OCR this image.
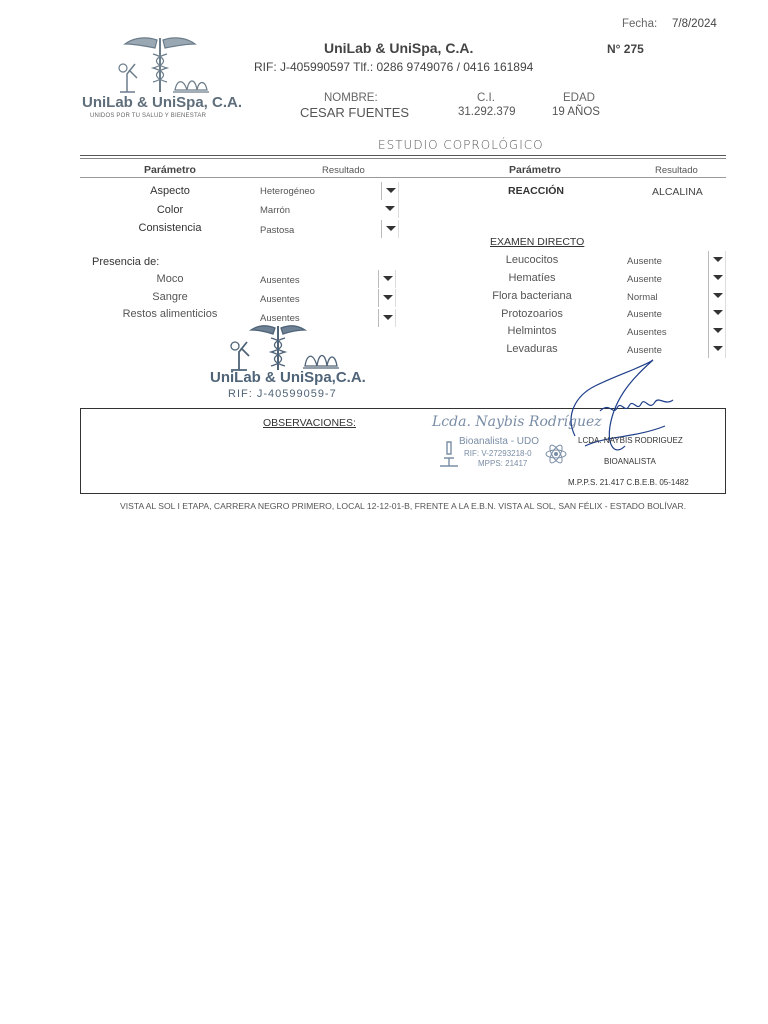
Fecha: 7/8/2024
UniLab & UniSpa, C.A.
UNIDOS POR TU SALUD Y BIENESTAR
UniLab & UniSpa, C.A.
RIF: J-405990597 Tlf.: 0286 9749076 / 0416 161894
N° 275
NOMBRE:
CESAR FUENTES
C.I.
31.292.379
EDAD
19 AÑOS
ESTUDIO COPROLÓGICO
Parámetro	Resultado	Parámetro	Resultado
Aspecto	Heterogéneo
Color	Marrón
Consistencia	Pastosa
Presencia de:
Moco	Ausentes
Sangre	Ausentes
Restos alimenticios	Ausentes
REACCIÓN	ALCALINA
EXAMEN DIRECTO
Leucocitos	Ausente
Hematíes	Ausente
Flora bacteriana	Normal
Protozoarios	Ausente
Helmintos	Ausentes
Levaduras	Ausente
UniLab & UniSpa,C.A.
RIF: J-40599059-7
OBSERVACIONES:	Lcda. Naybis Rodríguez
Bioanalista - UDO
RIF: V-27293218-0
MPPS: 21417
LCDA. NAYBIS RODRIGUEZ
BIOANALISTA
M.P.P.S. 21.417 C.B.E.B. 05-1482
VISTA AL SOL I ETAPA, CARRERA NEGRO PRIMERO, LOCAL 12-12-01-B, FRENTE A LA E.B.N. VISTA AL SOL, SAN FÉLIX - ESTADO BOLÍVAR.
